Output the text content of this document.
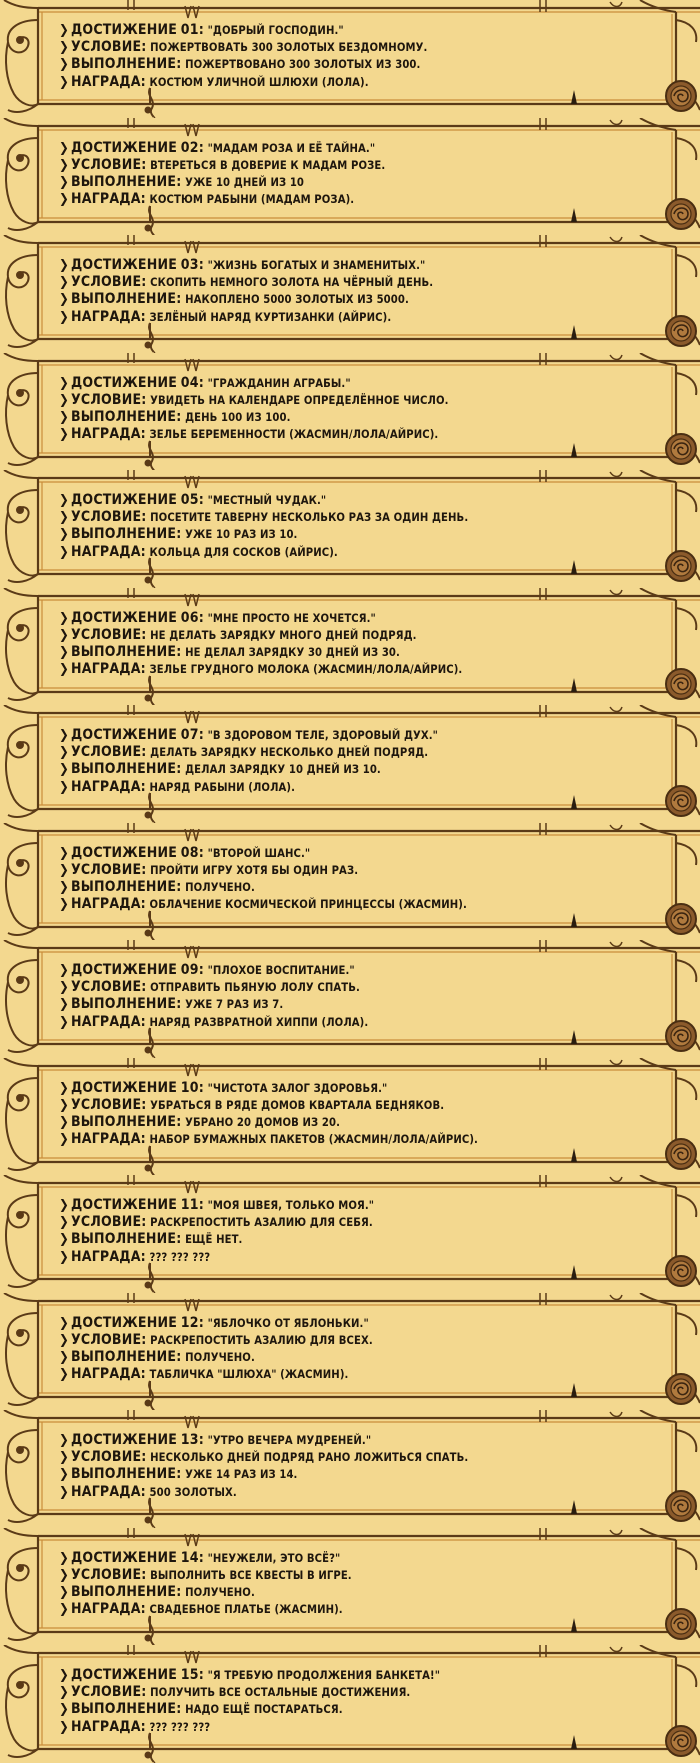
❯ ДОСТИЖЕНИЕ 01: "ДОБРЫЙ ГОСПОДИН."
❯ УСЛОВИЕ: ПОЖЕРТВОВАТЬ 300 ЗОЛОТЫХ БЕЗДОМНОМУ.
❯ ВЫПОЛНЕНИЕ: ПОЖЕРТВОВАНО 300 ЗОЛОТЫХ ИЗ 300.
❯ НАГРАДА: КОСТЮМ УЛИЧНОЙ ШЛЮХИ (ЛОЛА).
❯ ДОСТИЖЕНИЕ 02: "МАДАМ РОЗА И ЕЁ ТАЙНА."
❯ УСЛОВИЕ: ВТЕРЕТЬСЯ В ДОВЕРИЕ К МАДАМ РОЗЕ.
❯ ВЫПОЛНЕНИЕ: УЖЕ 10 ДНЕЙ ИЗ 10
❯ НАГРАДА: КОСТЮМ РАБЫНИ (МАДАМ РОЗА).
❯ ДОСТИЖЕНИЕ 03: "ЖИЗНЬ БОГАТЫХ И ЗНАМЕНИТЫХ."
❯ УСЛОВИЕ: СКОПИТЬ НЕМНОГО ЗОЛОТА НА ЧЁРНЫЙ ДЕНЬ.
❯ ВЫПОЛНЕНИЕ: НАКОПЛЕНО 5000 ЗОЛОТЫХ ИЗ 5000.
❯ НАГРАДА: ЗЕЛЁНЫЙ НАРЯД КУРТИЗАНКИ (АЙРИС).
❯ ДОСТИЖЕНИЕ 04: "ГРАЖДАНИН АГРАБЫ."
❯ УСЛОВИЕ: УВИДЕТЬ НА КАЛЕНДАРЕ ОПРЕДЕЛЁННОЕ ЧИСЛО.
❯ ВЫПОЛНЕНИЕ: ДЕНЬ 100 ИЗ 100.
❯ НАГРАДА: ЗЕЛЬЕ БЕРЕМЕННОСТИ (ЖАСМИН/ЛОЛА/АЙРИС).
❯ ДОСТИЖЕНИЕ 05: "МЕСТНЫЙ ЧУДАК."
❯ УСЛОВИЕ: ПОСЕТИТЕ ТАВЕРНУ НЕСКОЛЬКО РАЗ ЗА ОДИН ДЕНЬ.
❯ ВЫПОЛНЕНИЕ: УЖЕ 10 РАЗ ИЗ 10.
❯ НАГРАДА: КОЛЬЦА ДЛЯ СОСКОВ (АЙРИС).
❯ ДОСТИЖЕНИЕ 06: "МНЕ ПРОСТО НЕ ХОЧЕТСЯ."
❯ УСЛОВИЕ: НЕ ДЕЛАТЬ ЗАРЯДКУ МНОГО ДНЕЙ ПОДРЯД.
❯ ВЫПОЛНЕНИЕ: НЕ ДЕЛАЛ ЗАРЯДКУ 30 ДНЕЙ ИЗ 30.
❯ НАГРАДА: ЗЕЛЬЕ ГРУДНОГО МОЛОКА (ЖАСМИН/ЛОЛА/АЙРИС).
❯ ДОСТИЖЕНИЕ 07: "В ЗДОРОВОМ ТЕЛЕ, ЗДОРОВЫЙ ДУХ."
❯ УСЛОВИЕ: ДЕЛАТЬ ЗАРЯДКУ НЕСКОЛЬКО ДНЕЙ ПОДРЯД.
❯ ВЫПОЛНЕНИЕ: ДЕЛАЛ ЗАРЯДКУ 10 ДНЕЙ ИЗ 10.
❯ НАГРАДА: НАРЯД РАБЫНИ (ЛОЛА).
❯ ДОСТИЖЕНИЕ 08: "ВТОРОЙ ШАНС."
❯ УСЛОВИЕ: ПРОЙТИ ИГРУ ХОТЯ БЫ ОДИН РАЗ.
❯ ВЫПОЛНЕНИЕ: ПОЛУЧЕНО.
❯ НАГРАДА: ОБЛАЧЕНИЕ КОСМИЧЕСКОЙ ПРИНЦЕССЫ (ЖАСМИН).
❯ ДОСТИЖЕНИЕ 09: "ПЛОХОЕ ВОСПИТАНИЕ."
❯ УСЛОВИЕ: ОТПРАВИТЬ ПЬЯНУЮ ЛОЛУ СПАТЬ.
❯ ВЫПОЛНЕНИЕ: УЖЕ 7 РАЗ ИЗ 7.
❯ НАГРАДА: НАРЯД РАЗВРАТНОЙ ХИППИ (ЛОЛА).
❯ ДОСТИЖЕНИЕ 10: "ЧИСТОТА ЗАЛОГ ЗДОРОВЬЯ."
❯ УСЛОВИЕ: УБРАТЬСЯ В РЯДЕ ДОМОВ КВАРТАЛА БЕДНЯКОВ.
❯ ВЫПОЛНЕНИЕ: УБРАНО 20 ДОМОВ ИЗ 20.
❯ НАГРАДА: НАБОР БУМАЖНЫХ ПАКЕТОВ (ЖАСМИН/ЛОЛА/АЙРИС).
❯ ДОСТИЖЕНИЕ 11: "МОЯ ШВЕЯ, ТОЛЬКО МОЯ."
❯ УСЛОВИЕ: РАСКРЕПОСТИТЬ АЗАЛИЮ ДЛЯ СЕБЯ.
❯ ВЫПОЛНЕНИЕ: ЕЩЁ НЕТ.
❯ НАГРАДА: ??? ??? ???
❯ ДОСТИЖЕНИЕ 12: "ЯБЛОЧКО ОТ ЯБЛОНЬКИ."
❯ УСЛОВИЕ: РАСКРЕПОСТИТЬ АЗАЛИЮ ДЛЯ ВСЕХ.
❯ ВЫПОЛНЕНИЕ: ПОЛУЧЕНО.
❯ НАГРАДА: ТАБЛИЧКА "ШЛЮХА" (ЖАСМИН).
❯ ДОСТИЖЕНИЕ 13: "УТРО ВЕЧЕРА МУДРЕНЕЙ."
❯ УСЛОВИЕ: НЕСКОЛЬКО ДНЕЙ ПОДРЯД РАНО ЛОЖИТЬСЯ СПАТЬ.
❯ ВЫПОЛНЕНИЕ: УЖЕ 14 РАЗ ИЗ 14.
❯ НАГРАДА: 500 ЗОЛОТЫХ.
❯ ДОСТИЖЕНИЕ 14: "НЕУЖЕЛИ, ЭТО ВСЁ?"
❯ УСЛОВИЕ: ВЫПОЛНИТЬ ВСЕ КВЕСТЫ В ИГРЕ.
❯ ВЫПОЛНЕНИЕ: ПОЛУЧЕНО.
❯ НАГРАДА: СВАДЕБНОЕ ПЛАТЬЕ (ЖАСМИН).
❯ ДОСТИЖЕНИЕ 15: "Я ТРЕБУЮ ПРОДОЛЖЕНИЯ БАНКЕТА!"
❯ УСЛОВИЕ: ПОЛУЧИТЬ ВСЕ ОСТАЛЬНЫЕ ДОСТИЖЕНИЯ.
❯ ВЫПОЛНЕНИЕ: НАДО ЕЩЁ ПОСТАРАТЬСЯ.
❯ НАГРАДА: ??? ??? ???
